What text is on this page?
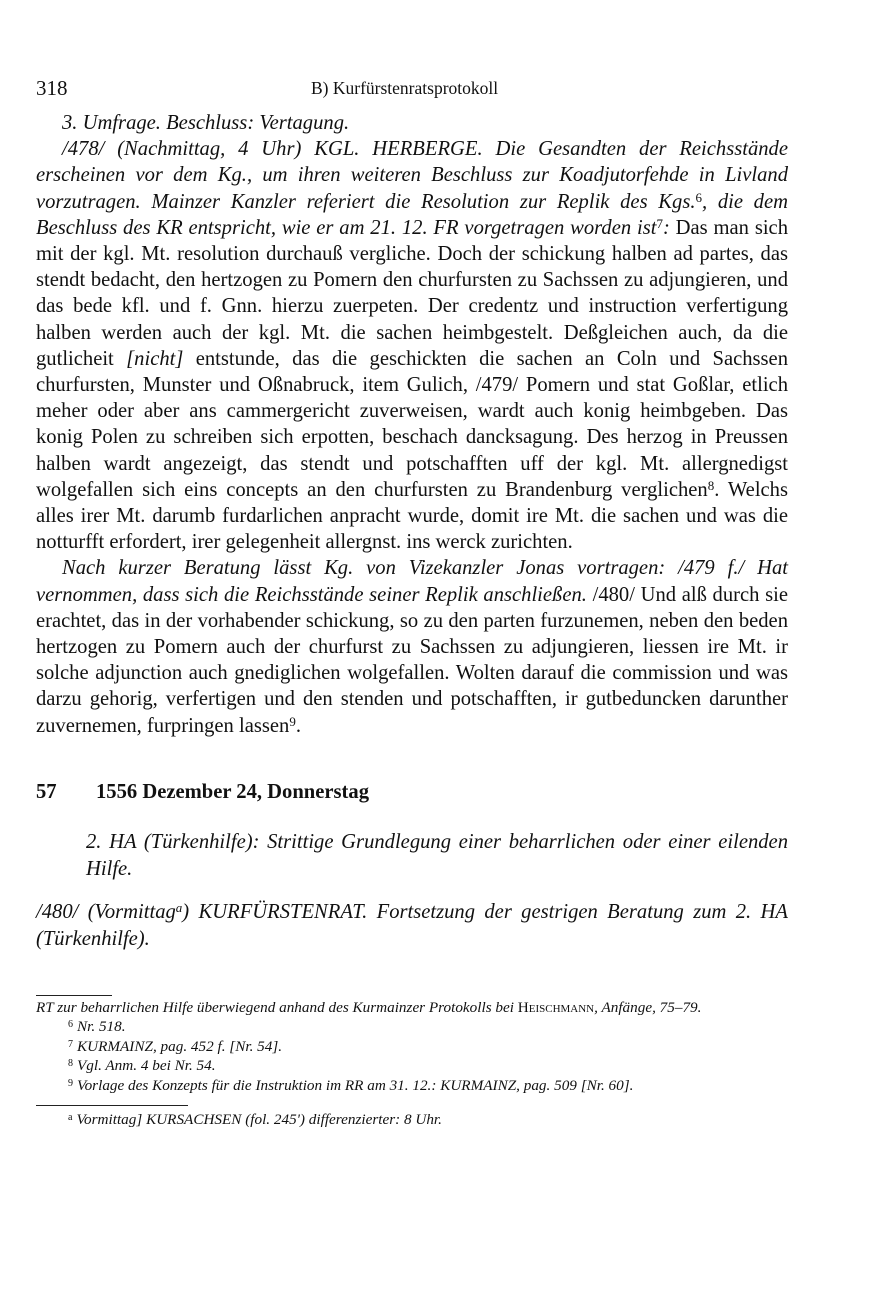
318	B) Kurfürstenratsprotokoll

3. Umfrage. Beschluss: Vertagung.

/478/ (Nachmittag, 4 Uhr) KGL. HERBERGE. Die Gesandten der Reichsstände erscheinen vor dem Kg., um ihren weiteren Beschluss zur Koadjutorfehde in Livland vorzutragen. Mainzer Kanzler referiert die Resolution zur Replik des Kgs.$^6$, die dem Beschluss des KR entspricht, wie er am 21. 12. FR vorgetragen worden ist$^7$: Das man sich mit der kgl. Mt. resolution durchauß vergliche. Doch der schickung halben ad partes, das stendt bedacht, den hertzogen zu Pomern den churfursten zu Sachssen zu adjungieren, und das bede kfl. und f. Gnn. hierzu zuerpeten. Der credentz und instruction verfertigung halben werden auch der kgl. Mt. die sachen heimbgestelt. Deßgleichen auch, da die gutlicheit [nicht] entstunde, das die geschickten die sachen an Coln und Sachssen churfursten, Munster und Oßnabruck, item Gulich, /479/ Pomern und stat Goßlar, etlich meher oder aber ans cammergericht zuverweisen, wardt auch konig heimbgeben. Das konig Polen zu schreiben sich erpotten, beschach dancksagung. Des herzog in Preussen halben wardt angezeigt, das stendt und potschafften uff der kgl. Mt. allergnedigst wolgefallen sich eins concepts an den churfursten zu Brandenburg verglichen$^8$. Welchs alles irer Mt. darumb furdarlichen anpracht wurde, domit ire Mt. die sachen und was die notturfft erfordert, irer gelegenheit allergnst. ins werck zurichten.

Nach kurzer Beratung lässt Kg. von Vizekanzler Jonas vortragen: /479 f./ Hat vernommen, dass sich die Reichsstände seiner Replik anschließen. /480/ Und alß durch sie erachtet, das in der vorhabender schickung, so zu den parten furzunemen, neben den beden hertzogen zu Pomern auch der churfurst zu Sachssen zu adjungieren, liessen ire Mt. ir solche adjunction auch gnediglichen wolgefallen. Wolten darauf die commission und was darzu gehorig, verfertigen und den stenden und potschafften, ir gutbeduncken darunther zuvernemen, furpringen lassen$^9$.

57 1556 Dezember 24, Donnerstag
2. HA (Türkenhilfe): Strittige Grundlegung einer beharrlichen oder einer eilenden Hilfe.
/480/ (Vormittag$^a$) KURFÜRSTENRAT. Fortsetzung der gestrigen Beratung zum 2. HA (Türkenhilfe).
RT zur beharrlichen Hilfe überwiegend anhand des Kurmainzer Protokolls bei Heischmann, Anfänge, 75–79.
$^6$ Nr. 518.
$^7$ KURMAINZ, pag. 452 f. [Nr. 54].
$^8$ Vgl. Anm. 4 bei Nr. 54.
$^9$ Vorlage des Konzepts für die Instruktion im RR am 31. 12.: KURMAINZ, pag. 509 [Nr. 60].
$^a$ Vormittag] KURSACHSEN (fol. 245') differenzierter: 8 Uhr.
